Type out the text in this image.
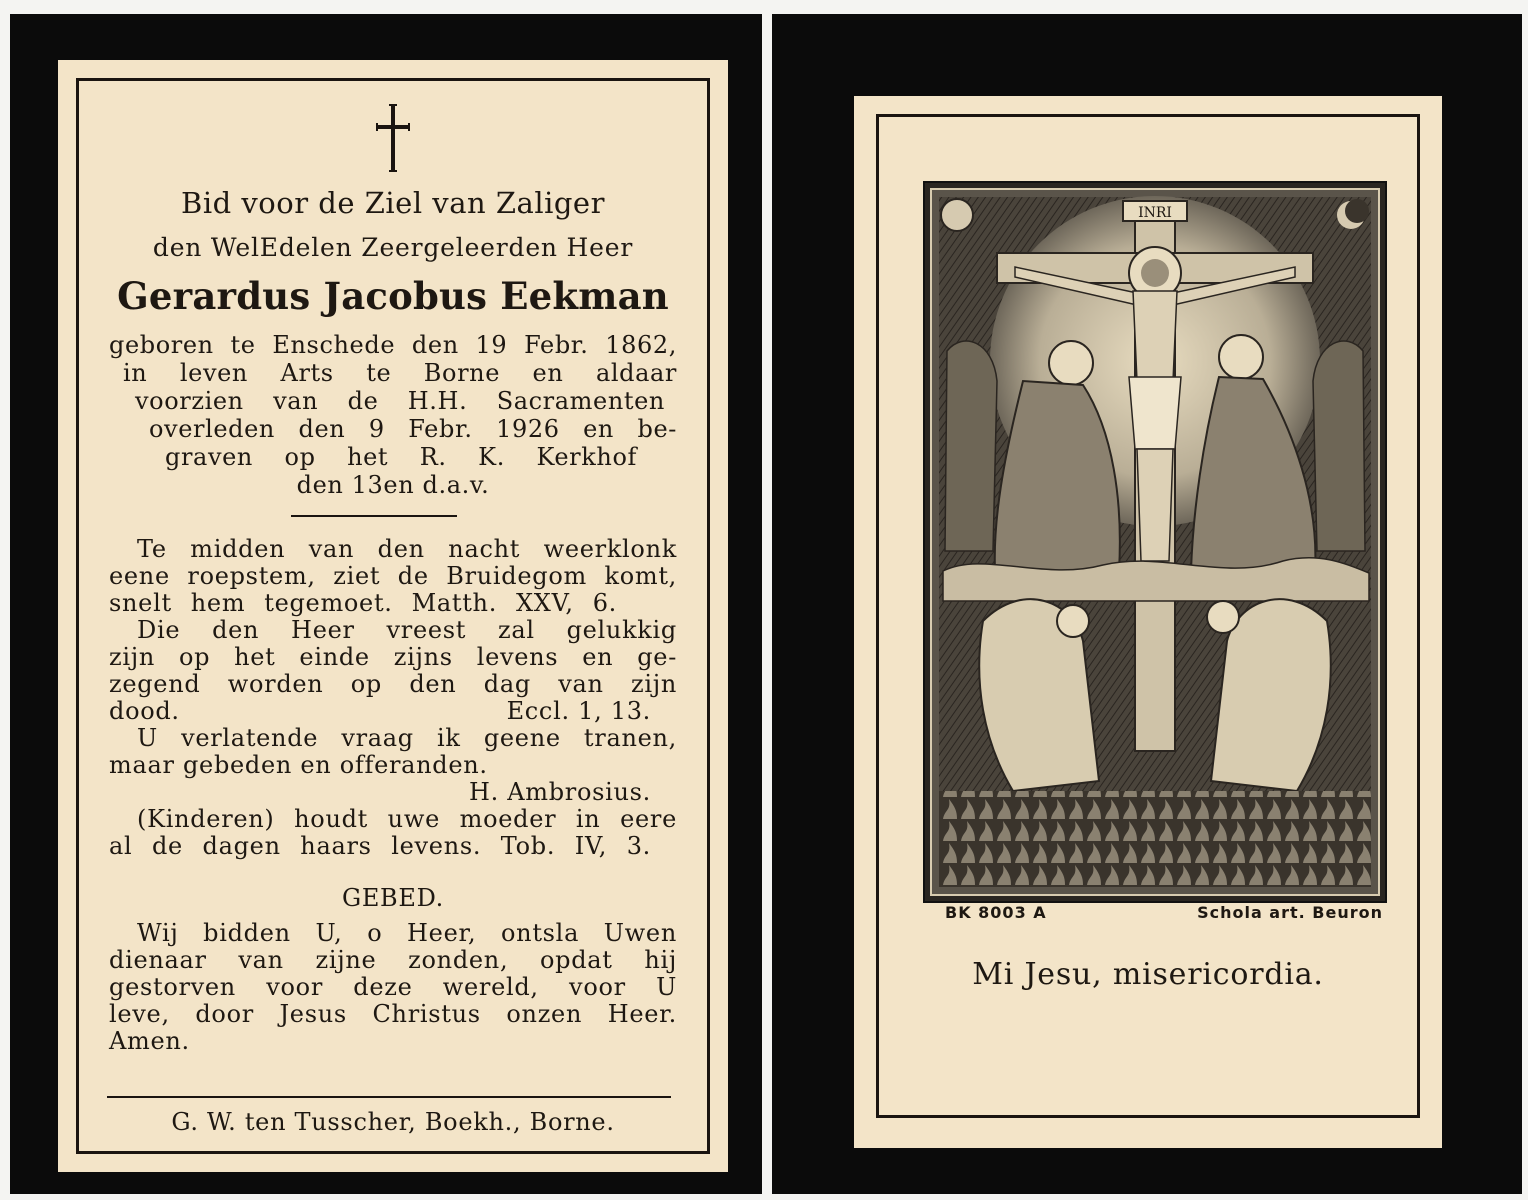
Bid voor de Ziel van Zaliger
den WelEdelen Zeergeleerden Heer
Gerardus Jacobus Eekman
geboren te Enschede den 19 Febr. 1862,
in leven Arts te Borne en aldaar
voorzien van de H.H. Sacramenten
overleden den 9 Febr. 1926 en be-
graven op het R. K. Kerkhof
den 13en d.a.v.
Te midden van den nacht weerklonk
eene roepstem, ziet de Bruidegom komt,
snelt hem tegemoet. Matth. XXV, 6.
Die den Heer vreest zal gelukkig
zijn op het einde zijns levens en ge-
zegend worden op den dag van zijn
dood.	Eccl. 1, 13.
U verlatende vraag ik geene tranen,
maar gebeden en offeranden.
H. Ambrosius.
(Kinderen) houdt uwe moeder in eere
al de dagen haars levens. Tob. IV, 3.
GEBED.
Wij bidden U, o Heer, ontsla Uwen
dienaar van zijne zonden, opdat hij
gestorven voor deze wereld, voor U
leve, door Jesus Christus onzen Heer.
Amen.
G. W. ten Tusscher, Boekh., Borne.
INRI
BK 8003 A	Schola art. Beuron
Mi Jesu, misericordia.
